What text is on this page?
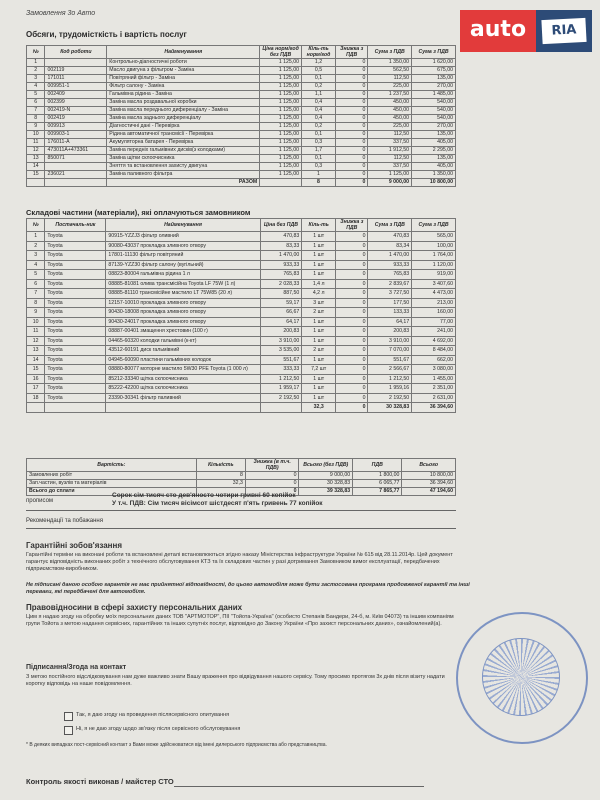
Замовлення 3о Авто
auto	RIA
Обсяги, трудомісткість і вартість послуг
№	Код роботи	Найменування	Ціна норм/год без ПДВ	Кіль-ть норм/год	Знижка з ПДВ	Сума з ПДВ	Сума з ПДВ
1		Контрольно-діагностичні роботи	1 125,00	1,2	0	1 350,00	1 620,00
2	002119	Масло двигуна з фільтром - Заміна	1 125,00	0,5	0	562,50	675,00
3	171011	Повітряний фільтр - Заміна	1 125,00	0,1	0	112,50	135,00
4	009951-1	Фільтр салону - Заміна	1 125,00	0,2	0	225,00	270,00
5	002409	Гальмівна рідина - Заміна	1 125,00	1,1	0	1 237,50	1 485,00
6	002399	Заміна масла роздавальної коробки	1 125,00	0,4	0	450,00	540,00
7	002419-N	Заміна масла переднього диференціалу - Заміна	1 125,00	0,4	0	450,00	540,00
8	002419	Заміна масла заднього диференціалу	1 125,00	0,4	0	450,00	540,00
9	009913	Діагностичні дані - Перевірка	1 125,00	0,2	0	225,00	270,00
10	009903-1	Рідина автоматичної трансмісії - Перевірка	1 125,00	0,1	0	112,50	135,00
11	176011-A	Акумуляторна батарея - Перевірка	1 125,00	0,3	0	337,50	405,00
12	473011A+473361	Заміна передніх гальмівних дисків(з колодками)	1 125,00	1,7	0	1 912,50	2 295,00
13	850071	Заміна щітки склоочисника	1 125,00	0,1	0	112,50	135,00
14		Зняття та встановлення захисту двигуна	1 125,00	0,3	0	337,50	405,00
15	236021	Заміна паливного фільтра	1 125,00	1	0	1 125,00	1 350,00
		РАЗОМ		8	0	9 000,00	10 800,00
Складові частини (матеріали), які оплачуються замовником
№	Постачаль-ник	Найменування	Ціна без ПДВ	Кіль-ть	Знижка з ПДВ	Сума з ПДВ	Сума з ПДВ
1	Toyota	90915-YZZJ3 фільтр оливний	470,83	1 шт	0	470,83	565,00
2	Toyota	90080-43037 прокладка зливного отвору	83,33	1 шт	0	83,34	100,00
3	Toyota	17801-11130 фільтр повітряний	1 470,00	1 шт	0	1 470,00	1 764,00
4	Toyota	87139-YZZ30 фільтр салону (вугільний)	933,33	1 шт	0	933,33	1 120,00
5	Toyota	08823-80004 гальмівна рідина 1 л	765,83	1 шт	0	765,83	919,00
6	Toyota	08885-81081 олива трансмісійна Toyota LF 75W (1 л)	2 028,33	1,4 л	0	2 839,67	3 407,60
7	Toyota	08885-81110 трансмісійне мастило LT 75W85 (20 л)	887,50	4,2 л	0	3 727,50	4 473,00
8	Toyota	12157-10010 прокладка зливного отвору	59,17	3 шт	0	177,50	213,00
9	Toyota	90430-18008 прокладка зливного отвору	66,67	2 шт	0	133,33	160,00
10	Toyota	90430-24017 прокладка зливного отвору	64,17	1 шт	0	64,17	77,00
11	Toyota	08887-00401 змащення хрестовин (100 г)	200,83	1 шт	0	200,83	241,00
12	Toyota	04465-60320 колодки гальмівні (к-кт)	3 910,00	1 шт	0	3 910,00	4 692,00
13	Toyota	43512-60191 диск гальмівний	3 535,00	2 шт	0	7 070,00	8 484,00
14	Toyota	04945-60090 пластини гальмівних колодок	551,67	1 шт	0	551,67	662,00
15	Toyota	08880-80077 моторне мастило 5W30 PFE Toyota (1 000 л)	333,33	7,2 шт	0	2 566,67	3 080,00
16	Toyota	85212-33340 щітка склоочисника	1 212,50	1 шт	0	1 212,50	1 455,00
17	Toyota	85222-42200 щітка склоочисника	1 959,17	1 шт	0	1 959,16	2 351,00
18	Toyota	23390-30341 фільтр паливний	2 192,50	1 шт	0	2 192,50	2 631,00
				32,3	0	30 328,83	36 394,60
Вартість:	Кількість	Знижка (в т.ч. ПДВ)	Всього (без ПДВ)	ПДВ	Всього
Замовлених робіт	8	0	9 000,00	1 800,00	10 800,00
Зап.частин, вузлів та матеріалів	32,3	0	30 328,83	6 065,77	36 394,60
Всього до сплати		0	39 328,83	7 865,77	47 194,60
прописом
Сорок сім тисяч сто дев'яносто чотири гривні 60 копійок
У т.ч. ПДВ: Сім тисяч вісімсот шістдесят п'ять гривень 77 копійок
Рекомендації та побажання
Гарантійні зобов'язання
Гарантійні терміни на виконані роботи та встановлені деталі встановлюються згідно наказу Міністерства інфраструктури України № 615 від 28.11.2014р. Цей документ гарантує відповідність виконаних робіт з технічного обслуговування КТЗ та їх складових частин у разі дотримання Замовником вимог експлуатації, передбачених підприємством-виробником.
Не підписані даною особою гарантія не має прийнятної відповідності, до цього автомобіля може бути застосована програма продовженої гарантії та інші переваги, які передбачені для автомобіля.
Правовідносини в сфері захисту персональних даних
Цим я надаю згоду на обробку моїх персональних даних ТОВ "АРТМОТОР", ПІІ "Тойота-Україна" (особисто Степанів Бандери, 24-б, м. Київ 04073) та іншим компаніям групи Тойота з метою надання сервісних, гарантійних та інших супутніх послуг, відповідно до Закону України «Про захист персональних даних», ознайомлений(а).
Підписання/Згода на контакт
З метою постійного відслідковування нам дуже важливо знати Вашу враження про відвідування нашого сервісу. Тому просимо протягом 3х днів після візиту надати коротку відповідь на наше повідомлення.
Так, я даю згоду на проведення післясервісного опитування
Ні, я не даю згоду щодо зв'язку після сервісного обслуговування
* В деяких випадках пост-сервісний контакт з Вами може здійснюватися від імені дилерського підприємства або представництва.
Контроль якості виконав / майстер СТО
